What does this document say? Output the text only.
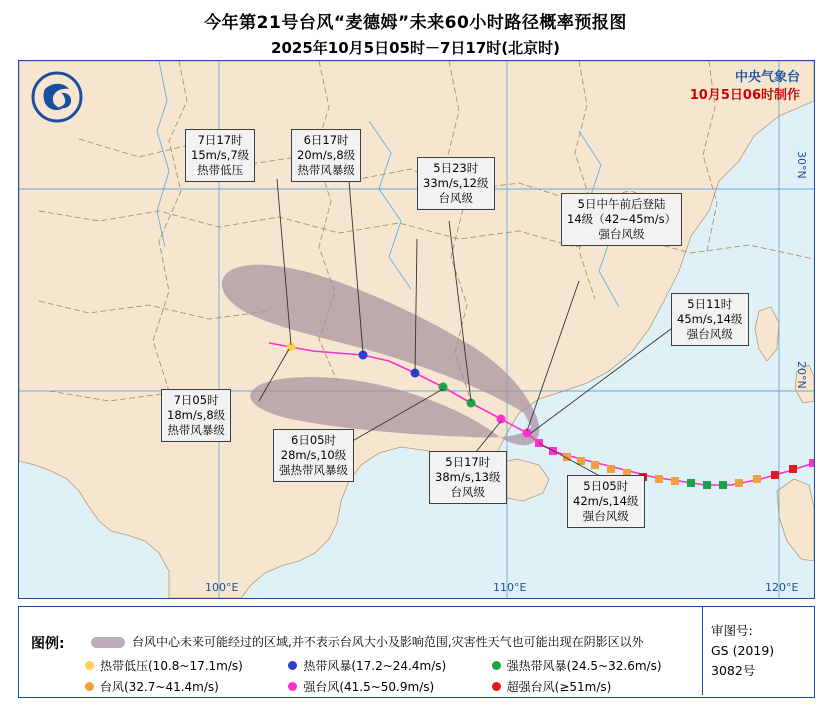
今年第21号台风“麦德姆”未来60小时路径概率预报图
2025年10月5日05时－7日17时(北京时)
中央气象台
10月5日06时制作
100°E	110°E	120°E
30°N
20°N
7日17时
15m/s,7级
热带低压
6日17时
20m/s,8级
热带风暴级	5日23时
33m/s,12级
台风级	5日中午前后登陆
14级（42~45m/s）
强台风级
5日11时
45m/s,14级
强台风级
7日05时
18m/s,8级
热带风暴级
6日05时
28m/s,10级
强热带风暴级
5日17时
38m/s,13级
台风级	5日05时
42m/s,14级
强台风级
图例:	台风中心未来可能经过的区域,并不表示台风大小及影响范围,灾害性天气也可能出现在阴影区以外
热带低压(10.8~17.1m/s)	热带风暴(17.2~24.4m/s)	强热带风暴(24.5~32.6m/s)
台风(32.7~41.4m/s)	强台风(41.5~50.9m/s)	超强台风(≥51m/s)
审图号:
GS (2019) 3082号
